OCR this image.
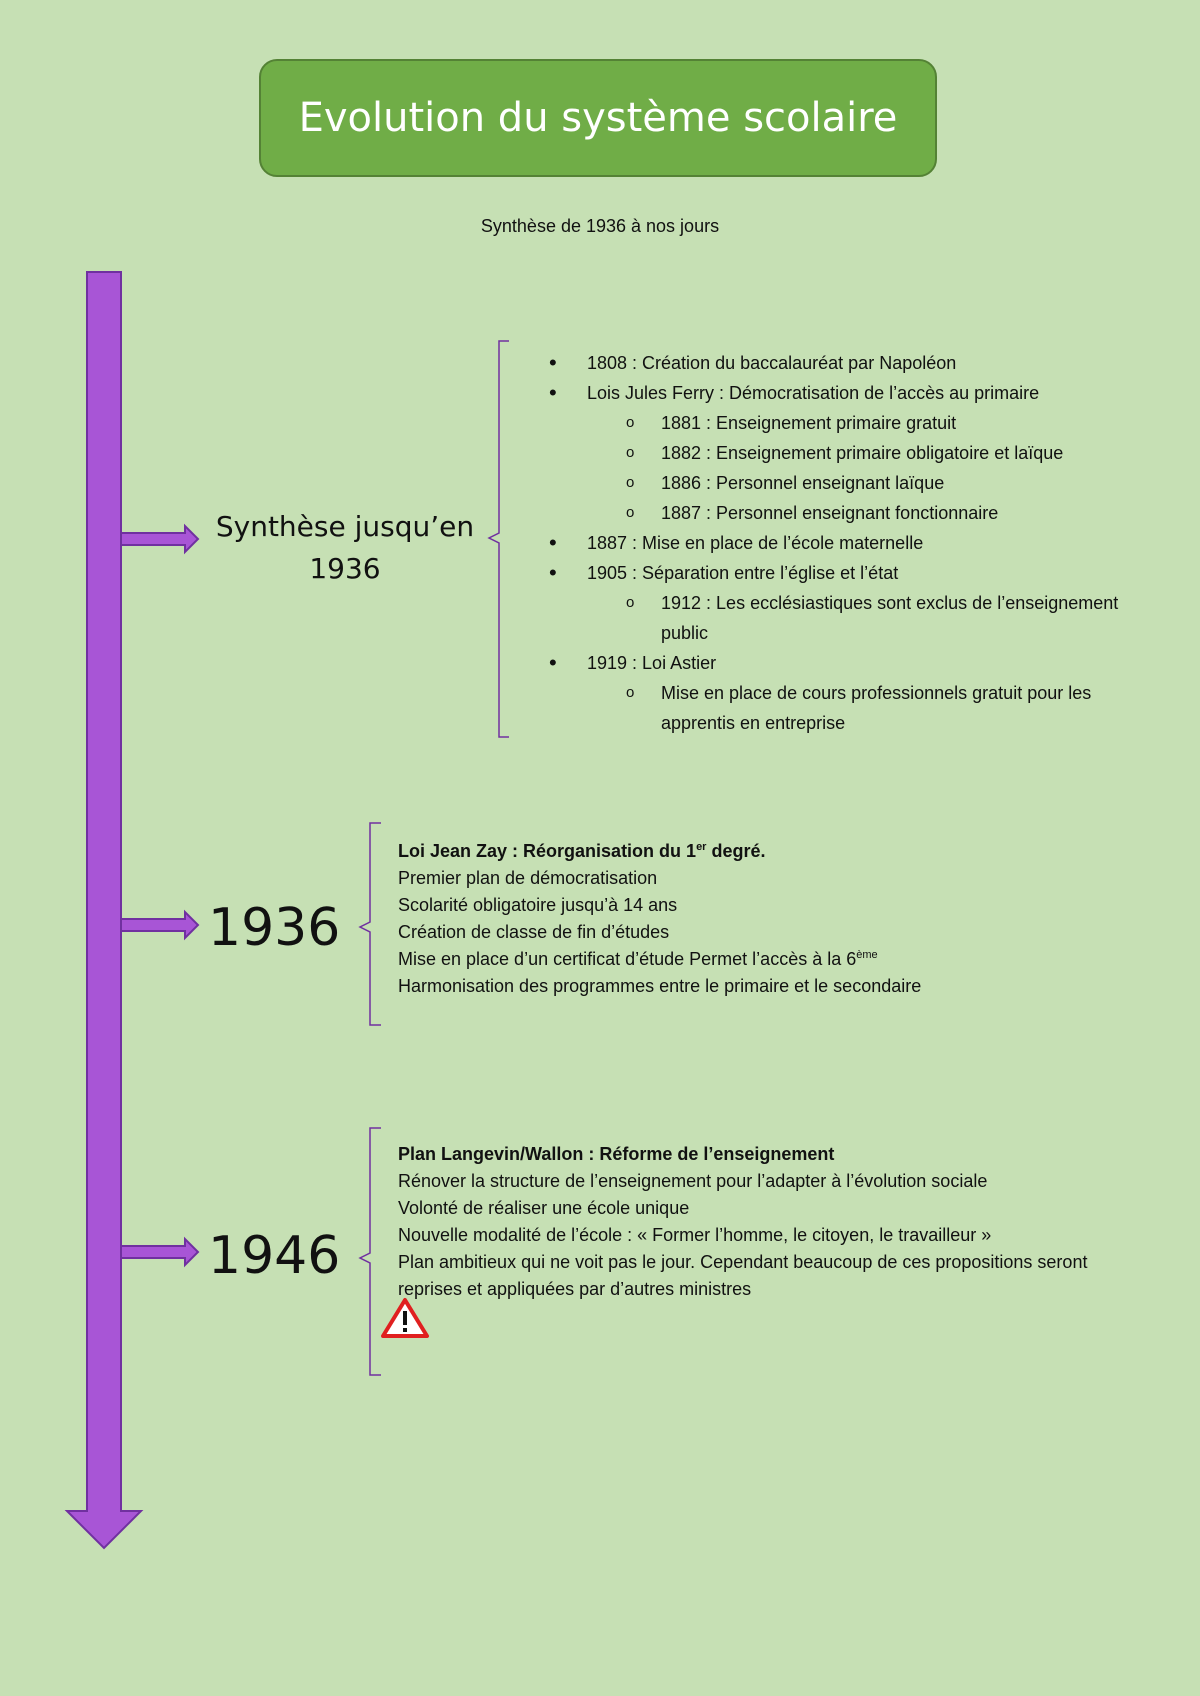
Evolution du système scolaire
Synthèse de 1936 à nos jours
Synthèse jusqu’en
1936
1936
1946
• 1808 : Création du baccalauréat par Napoléon
• Lois Jules Ferry : Démocratisation de l’accès au primaire
o 1881 : Enseignement primaire gratuit
o 1882 : Enseignement primaire obligatoire et laïque
o 1886 : Personnel enseignant laïque
o 1887 : Personnel enseignant fonctionnaire
• 1887 : Mise en place de l’école maternelle
• 1905 : Séparation entre l’église et l’état
o 1912 : Les ecclésiastiques sont exclus de l’enseignement public
• 1919 : Loi Astier
o Mise en place de cours professionnels gratuit pour les apprentis en entreprise
Loi Jean Zay : Réorganisation du 1er degré.
Premier plan de démocratisation
Scolarité obligatoire jusqu’à 14 ans
Création de classe de fin d’études
Mise en place d’un certificat d’étude Permet l’accès à la 6ème
Harmonisation des programmes entre le primaire et le secondaire
Plan Langevin/Wallon : Réforme de l’enseignement
Rénover la structure de l’enseignement pour l’adapter à l’évolution sociale
Volonté de réaliser une école unique
Nouvelle modalité de l’école : « Former l’homme, le citoyen, le travailleur »
Plan ambitieux qui ne voit pas le jour. Cependant beaucoup de ces propositions seront reprises et appliquées par d’autres ministres
